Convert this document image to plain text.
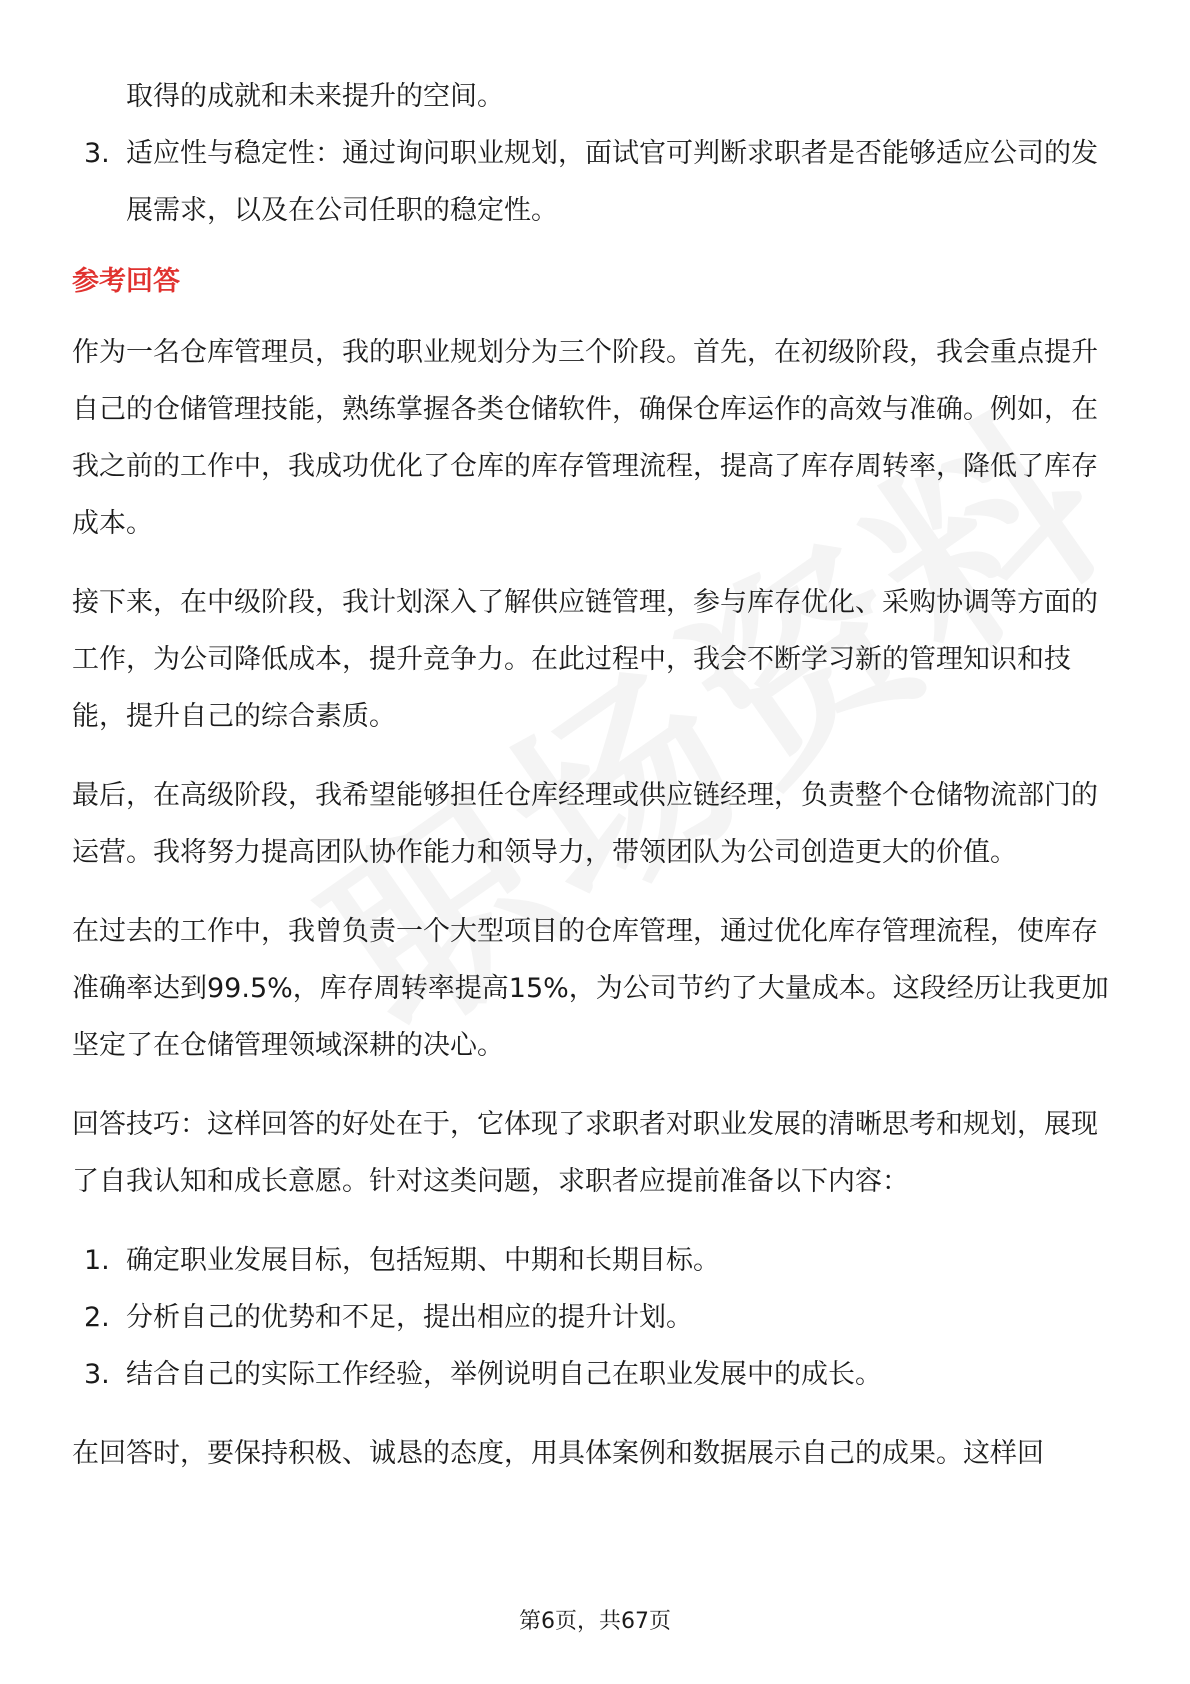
取得的成就和未来提升的空间。

3. 适应性与稳定性：通过询问职业规划，面试官可判断求职者是否能够适应公司的发展需求，以及在公司任职的稳定性。

参考回答

作为一名仓库管理员，我的职业规划分为三个阶段。首先，在初级阶段，我会重点提升自己的仓储管理技能，熟练掌握各类仓储软件，确保仓库运作的高效与准确。例如，在我之前的工作中，我成功优化了仓库的库存管理流程，提高了库存周转率，降低了库存成本。

接下来，在中级阶段，我计划深入了解供应链管理，参与库存优化、采购协调等方面的工作，为公司降低成本，提升竞争力。在此过程中，我会不断学习新的管理知识和技能，提升自己的综合素质。

最后，在高级阶段，我希望能够担任仓库经理或供应链经理，负责整个仓储物流部门的运营。我将努力提高团队协作能力和领导力，带领团队为公司创造更大的价值。

在过去的工作中，我曾负责一个大型项目的仓库管理，通过优化库存管理流程，使库存准确率达到99.5%，库存周转率提高15%，为公司节约了大量成本。这段经历让我更加坚定了在仓储管理领域深耕的决心。

回答技巧：这样回答的好处在于，它体现了求职者对职业发展的清晰思考和规划，展现了自我认知和成长意愿。针对这类问题，求职者应提前准备以下内容：

1. 确定职业发展目标，包括短期、中期和长期目标。
2. 分析自己的优势和不足，提出相应的提升计划。
3. 结合自己的实际工作经验，举例说明自己在职业发展中的成长。

在回答时，要保持积极、诚恳的态度，用具体案例和数据展示自己的成果。这样回

第6页，共67页
